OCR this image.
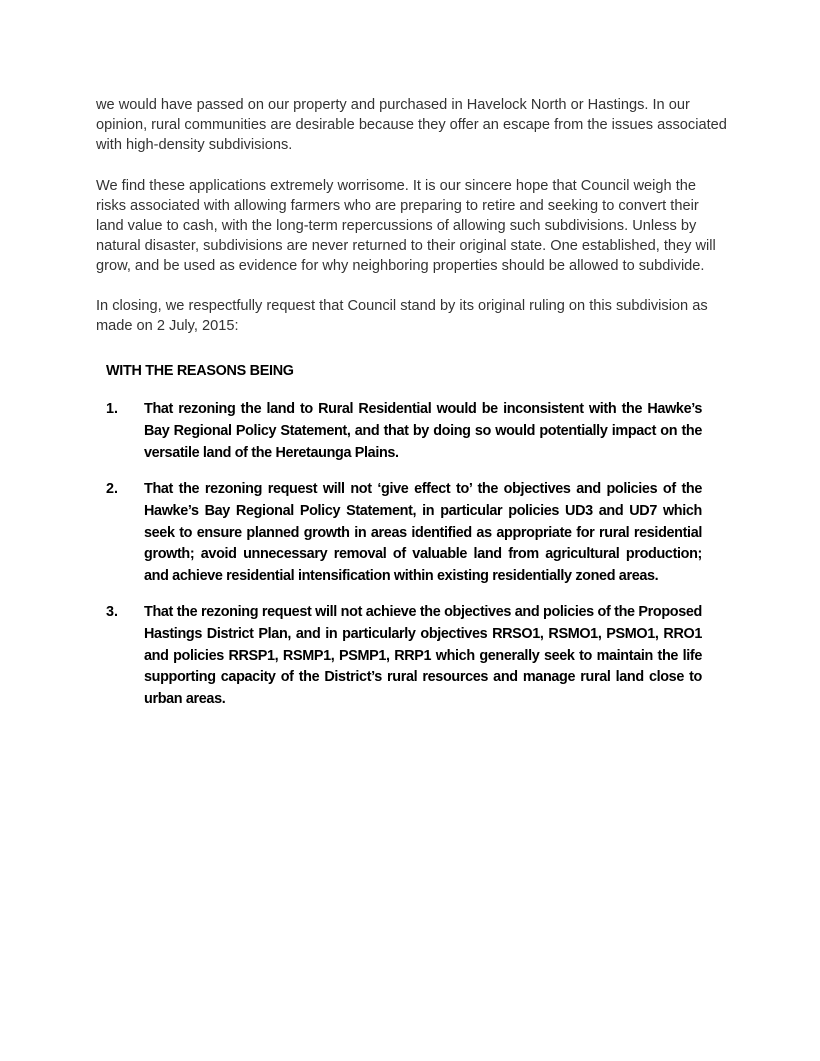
we would have passed on our property and purchased in Havelock North or Hastings. In our opinion, rural communities are desirable because they offer an escape from the issues associated with high-density subdivisions.

We find these applications extremely worrisome. It is our sincere hope that Council weigh the risks associated with allowing farmers who are preparing to retire and seeking to convert their land value to cash, with the long-term repercussions of allowing such subdivisions. Unless by natural disaster, subdivisions are never returned to their original state. One established, they will grow, and be used as evidence for why neighboring properties should be allowed to subdivide.

In closing, we respectfully request that Council stand by its original ruling on this subdivision as made on 2 July, 2015:

WITH THE REASONS BEING

1. That rezoning the land to Rural Residential would be inconsistent with the Hawke’s Bay Regional Policy Statement, and that by doing so would potentially impact on the versatile land of the Heretaunga Plains.

2. That the rezoning request will not ‘give effect to’ the objectives and policies of the Hawke’s Bay Regional Policy Statement, in particular policies UD3 and UD7 which seek to ensure planned growth in areas identified as appropriate for rural residential growth; avoid unnecessary removal of valuable land from agricultural production; and achieve residential intensification within existing residentially zoned areas.

3. That the rezoning request will not achieve the objectives and policies of the Proposed Hastings District Plan, and in particularly objectives RRSO1, RSMO1, PSMO1, RRO1 and policies RRSP1, RSMP1, PSMP1, RRP1 which generally seek to maintain the life supporting capacity of the District’s rural resources and manage rural land close to urban areas.
